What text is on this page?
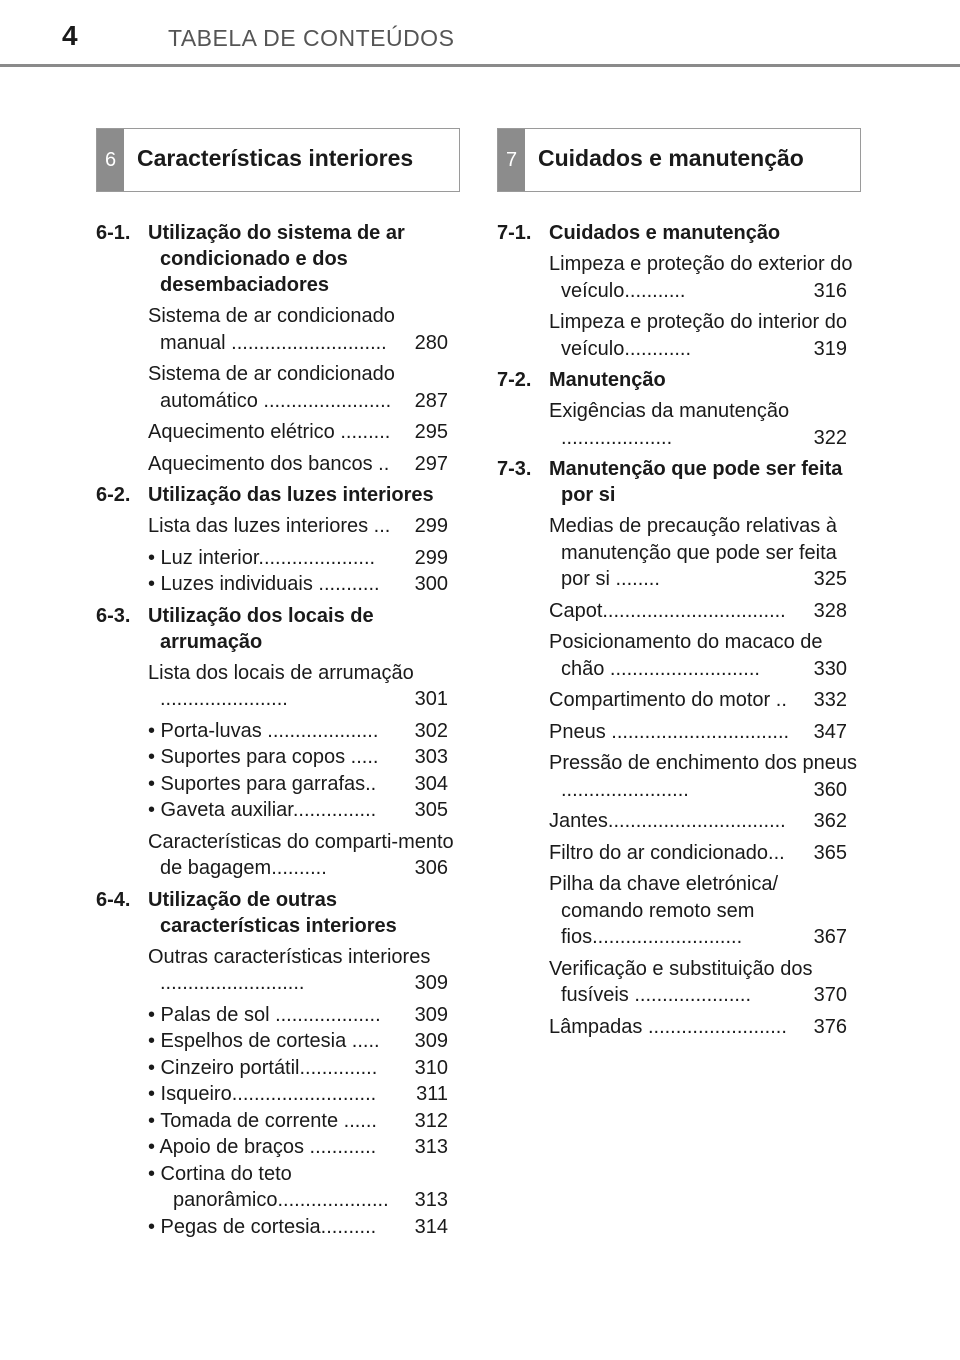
4	TABELA DE CONTEÚDOS
6 Características interiores
6-1. Utilização do sistema de ar condicionado e dos desembaciadores
Sistema de ar condicionado manual ............................	280
Sistema de ar condicionado automático .......................	287
Aquecimento elétrico .........	295
Aquecimento dos bancos ..	297
6-2. Utilização das luzes interiores
Lista das luzes interiores ...	299
• Luz interior.....................	299
• Luzes individuais ...........	300
6-3. Utilização dos locais de arrumação
Lista dos locais de arrumação .......................	301
• Porta-luvas ....................	302
• Suportes para copos .....	303
• Suportes para garrafas..	304
• Gaveta auxiliar...............	305
Características do comparti-mento de bagagem..........	306
6-4. Utilização de outras características interiores
Outras características interiores ..........................	309
• Palas de sol ...................	309
• Espelhos de cortesia .....	309
• Cinzeiro portátil..............	310
• Isqueiro..........................	311
• Tomada de corrente ......	312
• Apoio de braços ............	313
• Cortina do teto panorâmico....................	313
• Pegas de cortesia..........	314
7 Cuidados e manutenção
7-1. Cuidados e manutenção
Limpeza e proteção do exterior do veículo...........	316
Limpeza e proteção do interior do veículo............	319
7-2. Manutenção
Exigências da manutenção ....................	322
7-3. Manutenção que pode ser feita por si
Medias de precaução relativas à manutenção que pode ser feita por si ........	325
Capot.................................	328
Posicionamento do macaco de chão ...........................	330
Compartimento do motor ..	332
Pneus ................................	347
Pressão de enchimento dos pneus .......................	360
Jantes................................	362
Filtro do ar condicionado...	365
Pilha da chave eletrónica/ comando remoto sem fios...........................	367
Verificação e substituição dos fusíveis .....................	370
Lâmpadas .........................	376
